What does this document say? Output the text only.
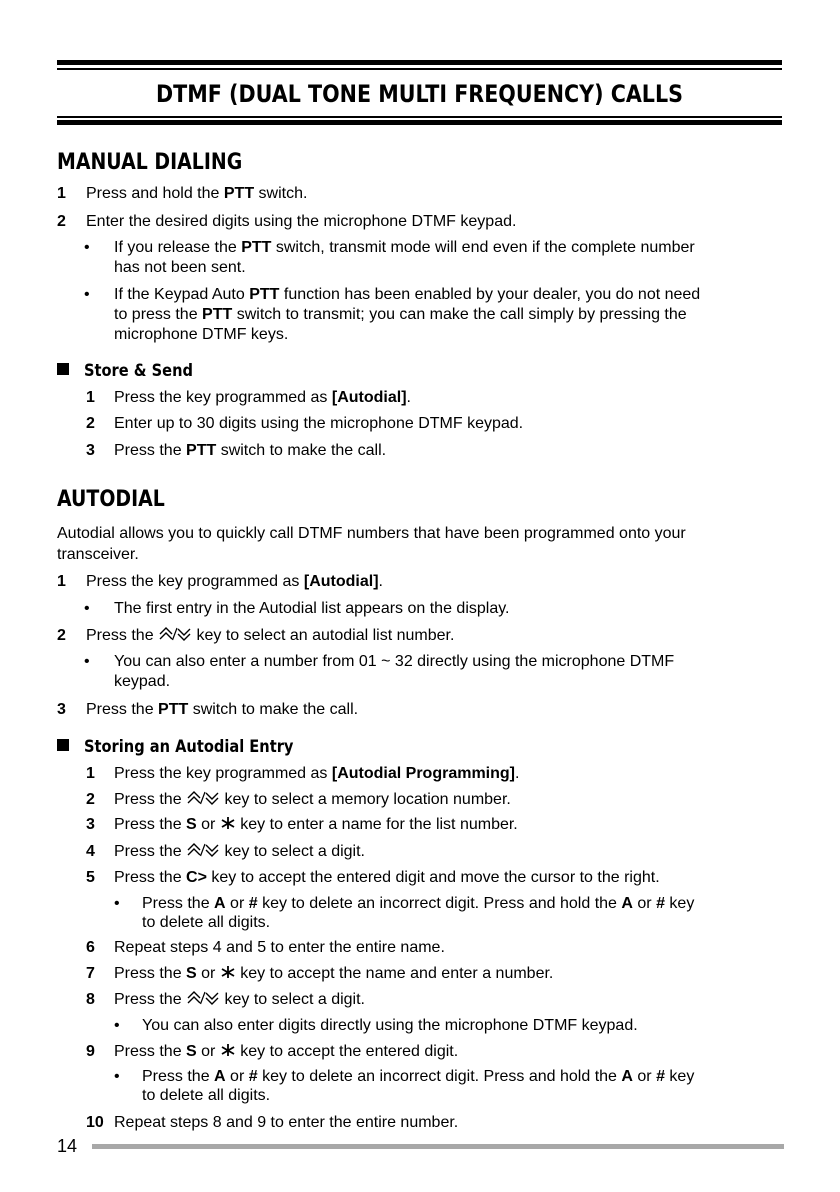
DTMF (DUAL TONE MULTI FREQUENCY) CALLS
MANUAL DIALING
1 Press and hold the PTT switch.
2 Enter the desired digits using the microphone DTMF keypad.
• If you release the PTT switch, transmit mode will end even if the complete number
has not been sent.
• If the Keypad Auto PTT function has been enabled by your dealer, you do not need
to press the PTT switch to transmit; you can make the call simply by pressing the
microphone DTMF keys.
Store & Send
1 Press the key programmed as [Autodial].
2 Enter up to 30 digits using the microphone DTMF keypad.
3 Press the PTT switch to make the call.
AUTODIAL
Autodial allows you to quickly call DTMF numbers that have been programmed onto your
transceiver.
1 Press the key programmed as [Autodial].
• The first entry in the Autodial list appears on the display.
2 Press the
key to select an autodial list number.
• You can also enter a number from 01 ~ 32 directly using the microphone DTMF
keypad.
3 Press the PTT switch to make the call.
Storing an Autodial Entry
1 Press the key programmed as [Autodial Programming].
2 Press the
key to select a memory location number.
3 Press the S or
key to enter a name for the list number.
4 Press the
key to select a digit.
5 Press the C> key to accept the entered digit and move the cursor to the right.
• Press the A or # key to delete an incorrect digit. Press and hold the A or # key
to delete all digits.
6 Repeat steps 4 and 5 to enter the entire name.
7 Press the S or
key to accept the name and enter a number.
8 Press the
key to select a digit.
• You can also enter digits directly using the microphone DTMF keypad.
9 Press the S or
key to accept the entered digit.
• Press the A or # key to delete an incorrect digit. Press and hold the A or # key
to delete all digits.
10 Repeat steps 8 and 9 to enter the entire number.
14
